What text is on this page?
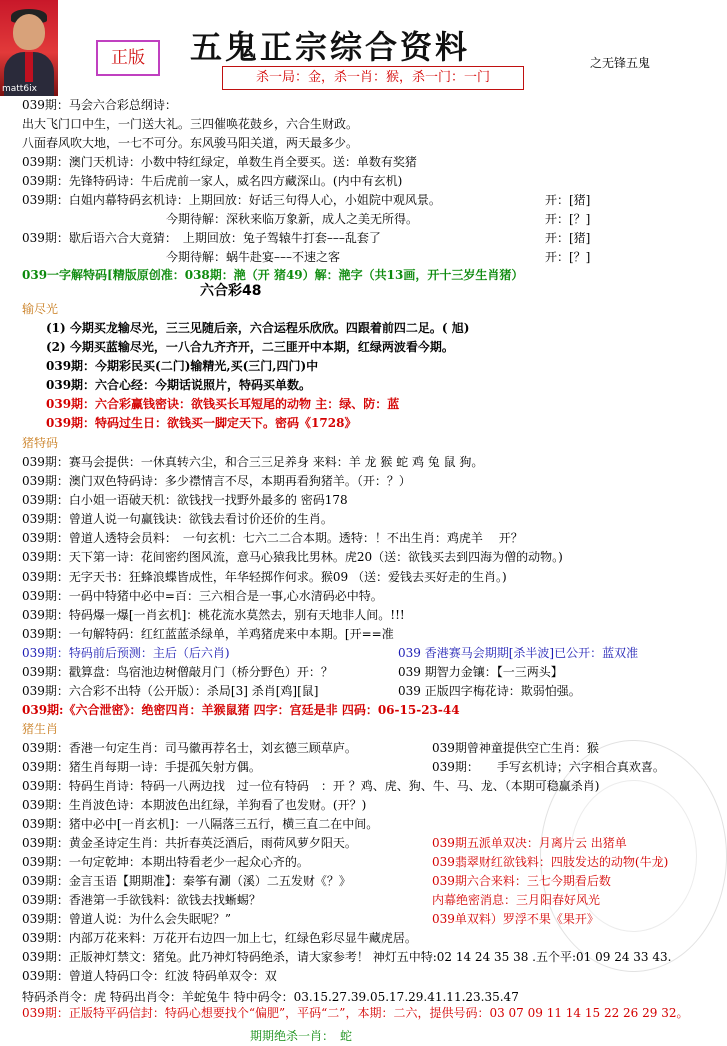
matt6ix
正版	五鬼正宗综合资料	之无锋五鬼
杀一局：金，杀一肖：猴，杀一门：一门
039期：马会六合彩总纲诗：
出大飞门口中生，一门送大礼。三四催唤花鼓乡，六合生财政。
八面春风吹大地，一七不可分。东风骏马阳关道，两天最多少。
039期：澳门天机诗：小数中特红绿定，单数生肖全要买。送：单数有奖猪
039期：先锋特码诗：牛后虎前一家人，威名四方藏深山。(内中有玄机)
039期：白姐内幕特码玄机诗：上期回放：好话三句得人心，小姐院中观风景。	开：[猪]
　　　　　　　　　　　　今期待解：深秋来临万象新，成人之美无所得。	开：[？]
039期：歇后语六合大竟猜：　上期回放：兔子驾辕牛打套–––乱套了	开：[猪]
　　　　　　　　　　　　今期待解：蜗牛赴宴–––不速之客	开：[？]
039一字解特码[精版原创准：038期：滟（开 猪49）解：滟字（共13画，开十三岁生肖猪）
输尽光
　　(1) 今期买龙输尽光，三三见随后亲，六合运程乐欣欣。四跟着前四二足。( 旭)
　　(2) 今期买蓝输尽光，一八合九齐齐开，二三匪开中本期，红绿两波看今期。
　　039期：今期彩民买(二门)输精光,买(三门,四门)中
　　039期：六合心经：今期话说照片，特码买单数。
　　039期：六合彩赢钱密诀：欲钱买长耳短尾的动物 主：绿、防：蓝
　　039期：特码过生日：欲钱买一脚定天下。密码《1728》
猪特码
039期：赛马会提供：一休真转六尘，和合三三足养身 来料：羊 龙 猴 蛇 鸡 兔 鼠 狗。
039期：澳门双色特码诗：多少襟情言不尽，本期再看狗猪羊。（开：？）
039期：白小姐一语破天机：欲钱找一找野外最多的 密码178
039期：曾道人说一句赢钱诀：欲钱去看讨价还价的生肖。
039期：曾道人透特会员料：　一句玄机：七六二二合本期。透特：！不出生肖：鸡虎羊　 开？
039期：天下第一诗：花间密约图风流，意马心猿我比男林。虎20（送：欲钱买去到四海为僧的动物。)
039期：无字天书：狂蜂浪蝶皆成性，年华轻掷作何求。猴09 （送：爱钱去买好走的生肖。)
039期：一码中特猪中必中=百：三六相合是一事,心水清码必中特。
039期：特码爆一爆[一肖玄机]：桃花流水莫然去，别有天地非人间。!!!
039期：一句解特码：红红蓝蓝杀绿单，羊鸡猪虎来中本期。[开==准
039期：特码前后预测：主后（后六肖)	039 香港赛马会期期[杀半波]已公开：蓝双准
039期：戳算盘：鸟宿池边树僧敲月门（桥分野色）开：？	039 期智力金镶：【一三两头】
039期：六合彩不出特（公开版）：杀局[3] 杀肖[鸡][鼠]	039 正版四字梅花诗：欺弱怕强。
039期:《六合泄密》：绝密四肖：羊猴鼠猪 四字：宫廷是非 四码：06-15-23-44
猪生肖
039期：香港一句定生肖：司马徽再荐名士，刘玄德三顾草庐。	039期曾神童提供空亡生肖：猴
039期：猪生肖每期一诗：手提孤矢射方偶。	039期：　　手写玄机诗；六字相合真欢喜。
039期：特码生肖诗：特码一八两边找　过一位有特码　：开 ？鸡、虎、狗、牛、马、龙、（本期可稳赢杀肖)
039期：生肖波色诗：本期波色出红绿，羊狗看了也发财。(开？)
039期：猪中必中[一肖玄机]：一八隔落三五行，横三直二在中间。
039期：黄金圣诗定生肖：共折春英泛酒后，雨荷风萝夕阳天。	039期五派单双决：月离片云 出猪单
039期：一句定乾坤：本期出特看老少一起众心齐的。	039翡翠财红欲钱料：四肢发达的动物(牛龙)
039期：金言玉语【期期准】：秦筝有涮（溪）二五发财《？》	039期六合来料：三七今期看后数
039期：香港第一手欲钱料：欲钱去找蜥蜴？	内幕绝密消息：三月阳春好风光
039期：曾道人说：为什么会失眠呢？”	039单双料）罗浮不果《果开》
039期：内部万花来料：万花开右边四一加上七，红绿色彩尽显牛藏虎居。
039期：正版神灯禁文：猪兔。此乃神灯特码绝杀，请大家参考！ 神灯五中特:02 14 24 35 38 .五个平:01 09 24 33 43.
039期：曾道人特码口令：红波 特码单双令：双
特码杀肖令：虎 特码出肖令：羊蛇兔牛 特中码令：03.15.27.39.05.17.29.41.11.23.35.47
039期：正版特平码信封：特码心想要找个“偏肥”，平码“二”，本期：二六，提供号码：03 07 09 11 14 15 22 26 29 32。
　　　　　　　　　　　　　　　　　　　期期绝杀一肖：　蛇
六合彩48
